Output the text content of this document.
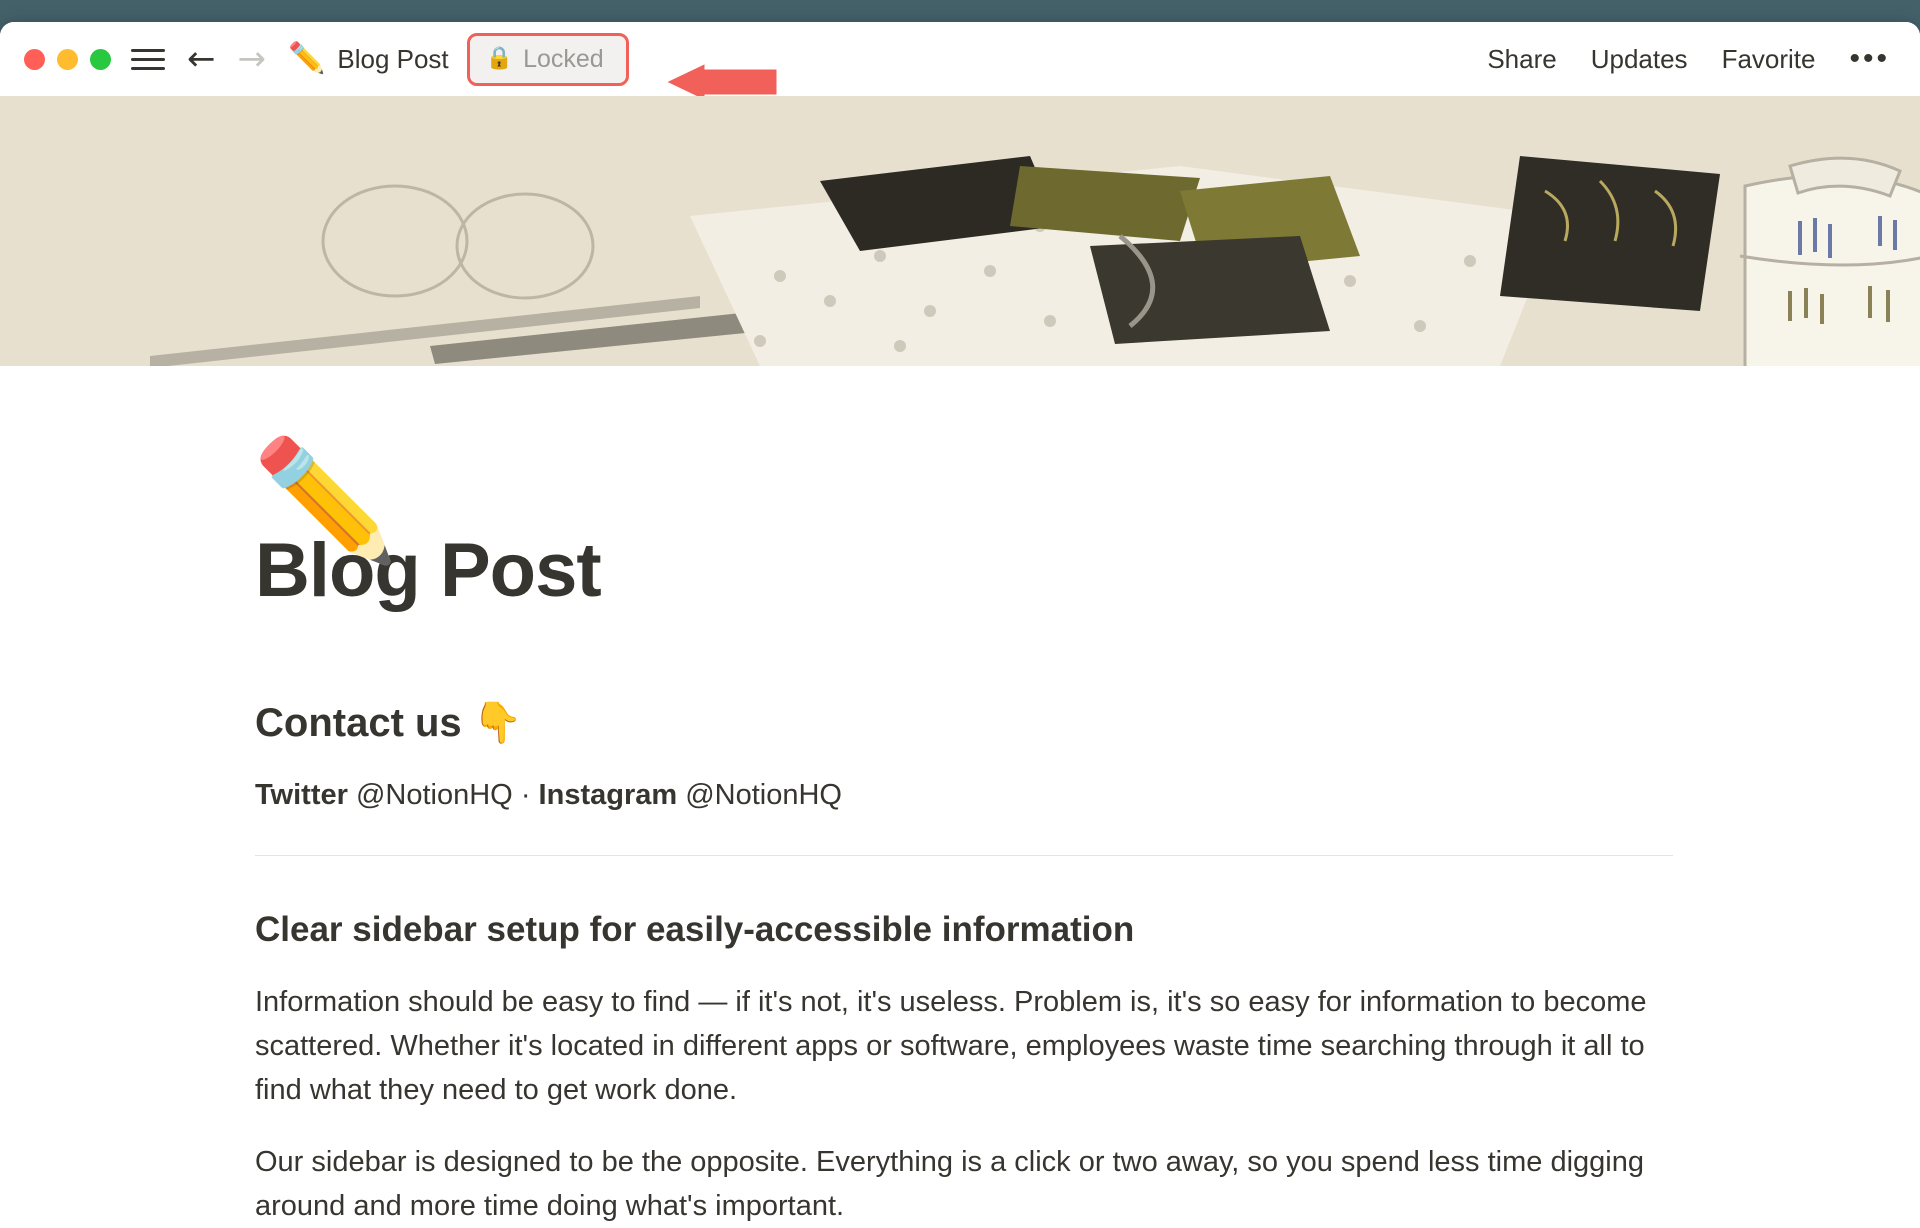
← → ✏️ Blog Post 🔒 Locked	Share Updates Favorite •••
✏️
Blog Post
Contact us 👇

Twitter @NotionHQ · Instagram @NotionHQ

Clear sidebar setup for easily-accessible information

Information should be easy to find — if it's not, it's useless. Problem is, it's so easy for information to become scattered. Whether it's located in different apps or software, employees waste time searching through it all to find what they need to get work done.

Our sidebar is designed to be the opposite. Everything is a click or two away, so you spend less time digging around and more time doing what's important.
